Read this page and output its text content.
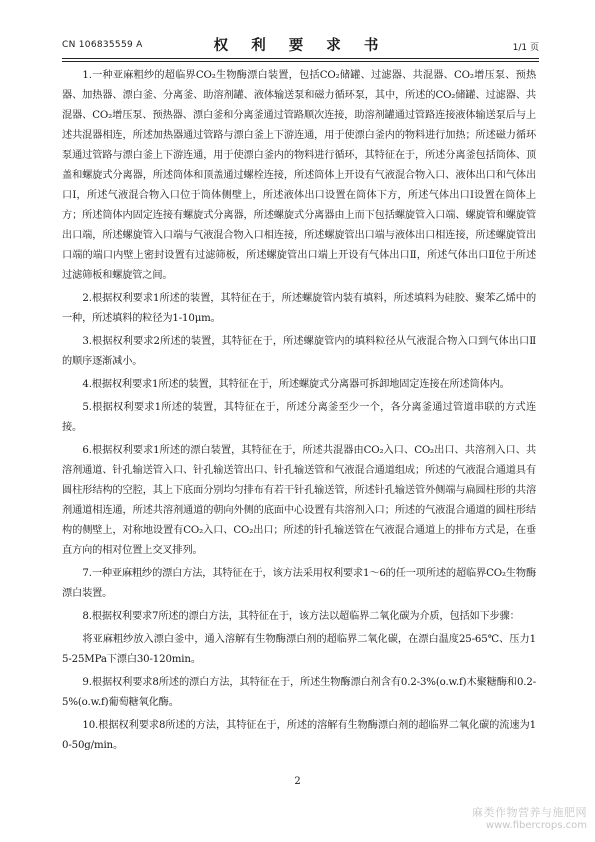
CN 106835559 A	权 利 要 求 书	1/1 页

1.一种亚麻粗纱的超临界CO₂生物酶漂白装置，包括CO₂储罐、过滤器、共混器、CO₂增压泵、预热器、加热器、漂白釜、分离釜、助溶剂罐、液体输送泵和磁力循环泵，其中，所述的CO₂储罐、过滤器、共混器、CO₂增压泵、预热器、漂白釜和分离釜通过管路顺次连接，助溶剂罐通过管路连接液体输送泵后与上述共混器相连，所述加热器通过管路与漂白釜上下游连通，用于使漂白釜内的物料进行加热；所述磁力循环泵通过管路与漂白釜上下游连通，用于使漂白釜内的物料进行循环，其特征在于，所述分离釜包括筒体、顶盖和螺旋式分离器，所述筒体和顶盖通过螺栓连接，所述筒体上开设有气液混合物入口、液体出口和气体出口Ⅰ，所述气液混合物入口位于筒体侧壁上，所述液体出口设置在筒体下方，所述气体出口Ⅰ设置在筒体上方；所述筒体内固定连接有螺旋式分离器，所述螺旋式分离器由上而下包括螺旋管入口端、螺旋管和螺旋管出口端，所述螺旋管入口端与气液混合物入口相连接，所述螺旋管出口端与液体出口相连接，所述螺旋管出口端的端口内壁上密封设置有过滤筛板，所述螺旋管出口端上开设有气体出口Ⅱ，所述气体出口Ⅱ位于所述过滤筛板和螺旋管之间。

2.根据权利要求1所述的装置，其特征在于，所述螺旋管内装有填料，所述填料为硅胶、聚苯乙烯中的一种，所述填料的粒径为1-10μm。

3.根据权利要求2所述的装置，其特征在于，所述螺旋管内的填料粒径从气液混合物入口到气体出口Ⅱ的顺序逐渐减小。

4.根据权利要求1所述的装置，其特征在于，所述螺旋式分离器可拆卸地固定连接在所述筒体内。

5.根据权利要求1所述的装置，其特征在于，所述分离釜至少一个，各分离釜通过管道串联的方式连接。

6.根据权利要求1所述的漂白装置，其特征在于，所述共混器由CO₂入口、CO₂出口、共溶剂入口、共溶剂通道、针孔输送管入口、针孔输送管出口、针孔输送管和气液混合通道组成；所述的气液混合通道具有圆柱形结构的空腔，其上下底面分别均匀排布有若干针孔输送管，所述针孔输送管外侧端与扁圆柱形的共溶剂通道相连通，所述共溶剂通道的朝向外侧的底面中心设置有共溶剂入口；所述的气液混合通道的圆柱形结构的侧壁上，对称地设置有CO₂入口、CO₂出口；所述的针孔输送管在气液混合通道上的排布方式是，在垂直方向的相对位置上交叉排列。

7.一种亚麻粗纱的漂白方法，其特征在于，该方法采用权利要求1～6的任一项所述的超临界CO₂生物酶漂白装置。

8.根据权利要求7所述的漂白方法，其特征在于，该方法以超临界二氧化碳为介质，包括如下步骤：

将亚麻粗纱放入漂白釜中，通入溶解有生物酶漂白剂的超临界二氧化碳，在漂白温度25-65℃、压力15-25MPa下漂白30-120min。

9.根据权利要求8所述的漂白方法，其特征在于，所述生物酶漂白剂含有0.2-3%(o.w.f)木聚糖酶和0.2-5%(o.w.f)葡萄糖氧化酶。

10.根据权利要求8所述的方法，其特征在于，所述的溶解有生物酶漂白剂的超临界二氧化碳的流速为10-50g/min。

2
麻类作物营养与施肥网
www.fibercrops.com
